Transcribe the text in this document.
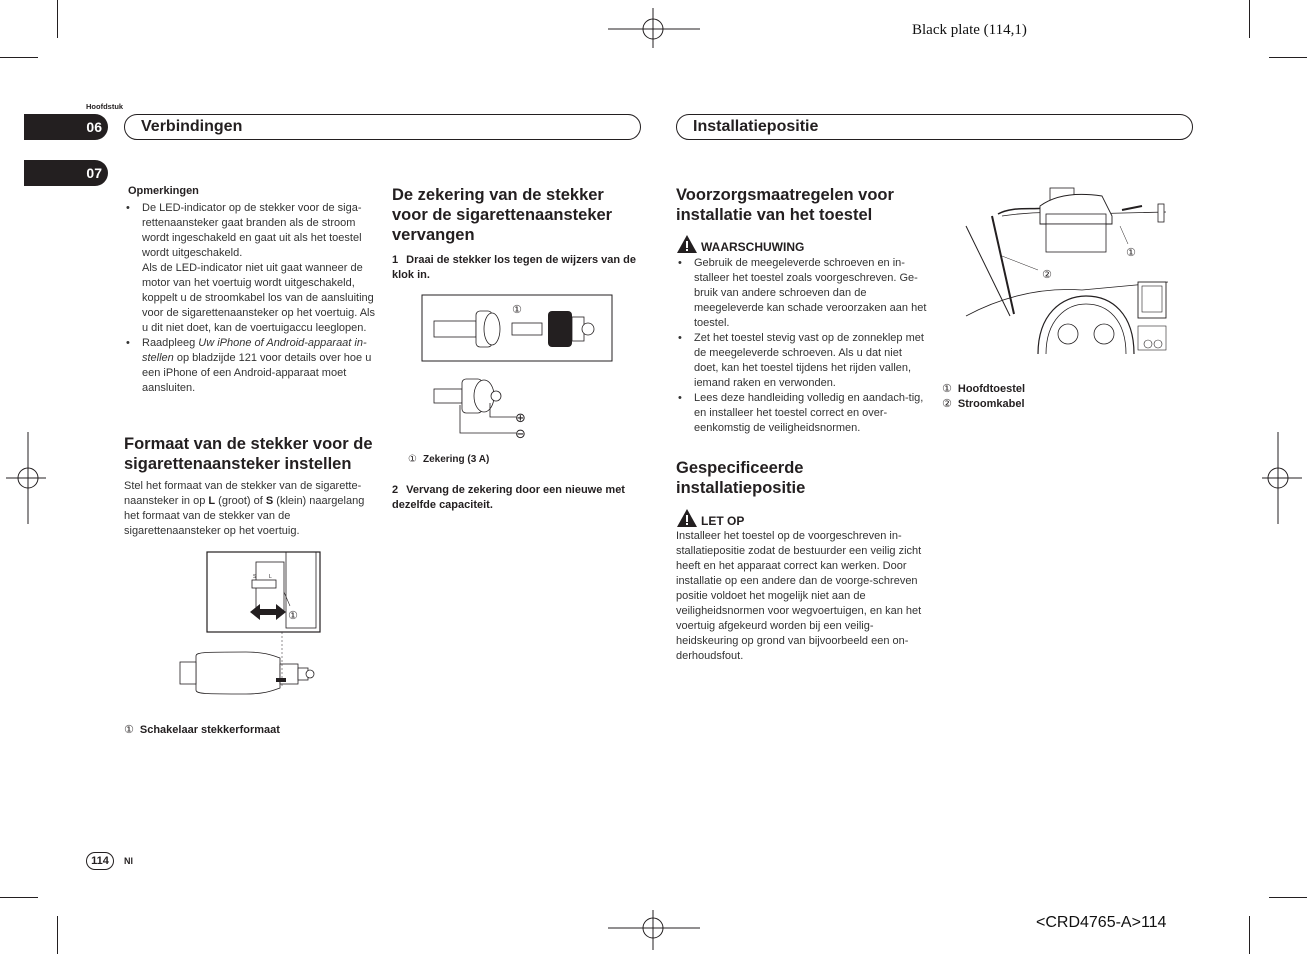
Black plate (114,1)
<CRD4765-A>114
Hoofdstuk
06
07
Verbindingen	Installatiepositie
Opmerkingen
• De LED-indicator op de stekker voor de siga-rettenaansteker gaat branden als de stroom wordt ingeschakeld en gaat uit als het toestel wordt uitgeschakeld.
Als de LED-indicator niet uit gaat wanneer de motor van het voertuig wordt uitgeschakeld, koppelt u de stroomkabel los van de aansluiting voor de sigarettenaansteker op het voertuig. Als u dit niet doet, kan de voertuigaccu leeglopen.
• Raadpleeg Uw iPhone of Android-apparaat in-stellen op bladzijde 121 voor details over hoe u een iPhone of een Android-apparaat moet aansluiten.
Formaat van de stekker voor de sigarettenaansteker instellen
Stel het formaat van de stekker van de sigarette-naansteker in op L (groot) of S (klein) naargelang het formaat van de stekker van de sigarettenaansteker op het voertuig.
S	L
①
① Schakelaar stekkerformaat
De zekering van de stekker voor de sigarettenaansteker vervangen
1 Draai de stekker los tegen de wijzers van de klok in.
①
⊕
⊖
① Zekering (3 A)
2 Vervang de zekering door een nieuwe met dezelfde capaciteit.
Voorzorgsmaatregelen voor installatie van het toestel
WAARSCHUWING
• Gebruik de meegeleverde schroeven en in-stalleer het toestel zoals voorgeschreven. Ge-bruik van andere schroeven dan de meegeleverde kan schade veroorzaken aan het toestel.
• Zet het toestel stevig vast op de zonneklep met de meegeleverde schroeven. Als u dat niet doet, kan het toestel tijdens het rijden vallen, iemand raken en verwonden.
• Lees deze handleiding volledig en aandach-tig, en installeer het toestel correct en over-eenkomstig de veiligheidsnormen.
Gespecificeerde installatiepositie
LET OP
Installeer het toestel op de voorgeschreven in-stallatiepositie zodat de bestuurder een veilig zicht heeft en het apparaat correct kan werken. Door installatie op een andere dan de voorge-schreven positie voldoet het mogelijk niet aan de veiligheidsnormen voor wegvoertuigen, en kan het voertuig afgekeurd worden bij een veilig-heidskeuring op grond van bijvoorbeeld een on-derhoudsfout.
①
②
① Hoofdtoestel
② Stroomkabel
114	Nl
